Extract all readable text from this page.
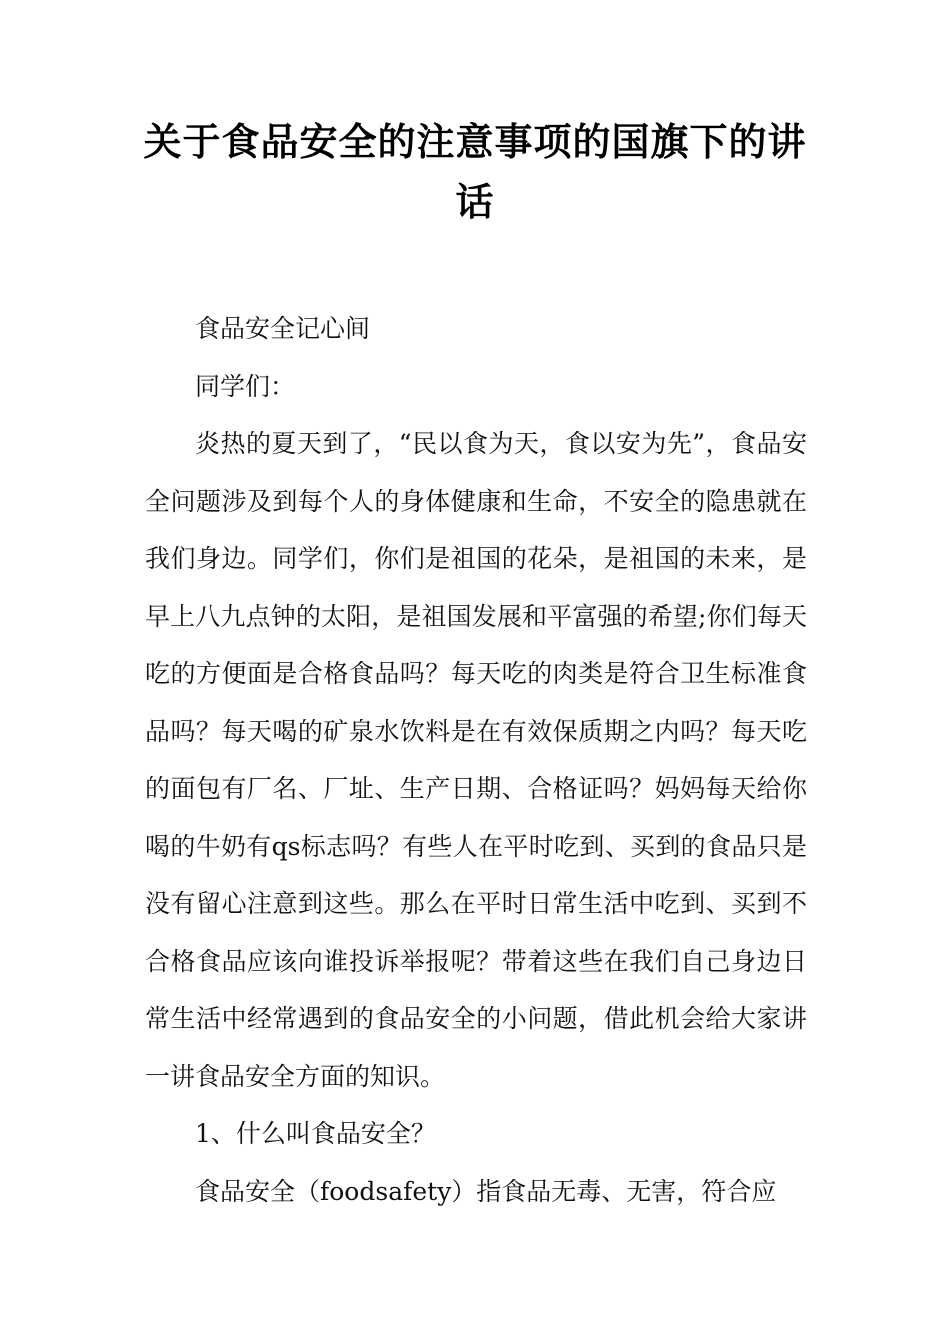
关于食品安全的注意事项的国旗下的讲话

食品安全记心间

同学们：

炎热的夏天到了，“民以食为天，食以安为先”，食品安全问题涉及到每个人的身体健康和生命，不安全的隐患就在我们身边。同学们，你们是祖国的花朵，是祖国的未来，是早上八九点钟的太阳，是祖国发展和平富强的希望;你们每天吃的方便面是合格食品吗？每天吃的肉类是符合卫生标准食品吗？每天喝的矿泉水饮料是在有效保质期之内吗？每天吃的面包有厂名、厂址、生产日期、合格证吗？妈妈每天给你喝的牛奶有qs标志吗？有些人在平时吃到、买到的食品只是没有留心注意到这些。那么在平时日常生活中吃到、买到不合格食品应该向谁投诉举报呢？带着这些在我们自己身边日常生活中经常遇到的食品安全的小问题，借此机会给大家讲一讲食品安全方面的知识。

1、什么叫食品安全？

食品安全（foodsafety）指食品无毒、无害，符合应
